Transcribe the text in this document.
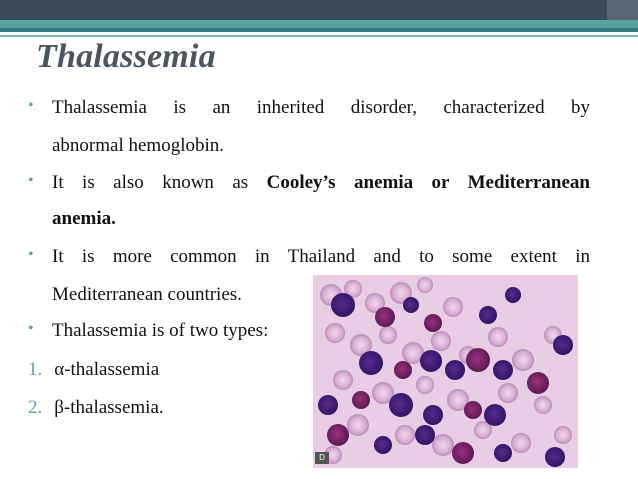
Thalassemia
• Thalassemia is an inherited disorder, characterized by
abnormal hemoglobin.
• It is also known as Cooley’s anemia or Mediterranean
anemia.
• It is more common in Thailand and to some extent in
Mediterranean countries.
• Thalassemia is of two types:
1. α-thalassemia
2. β-thalassemia.
D
